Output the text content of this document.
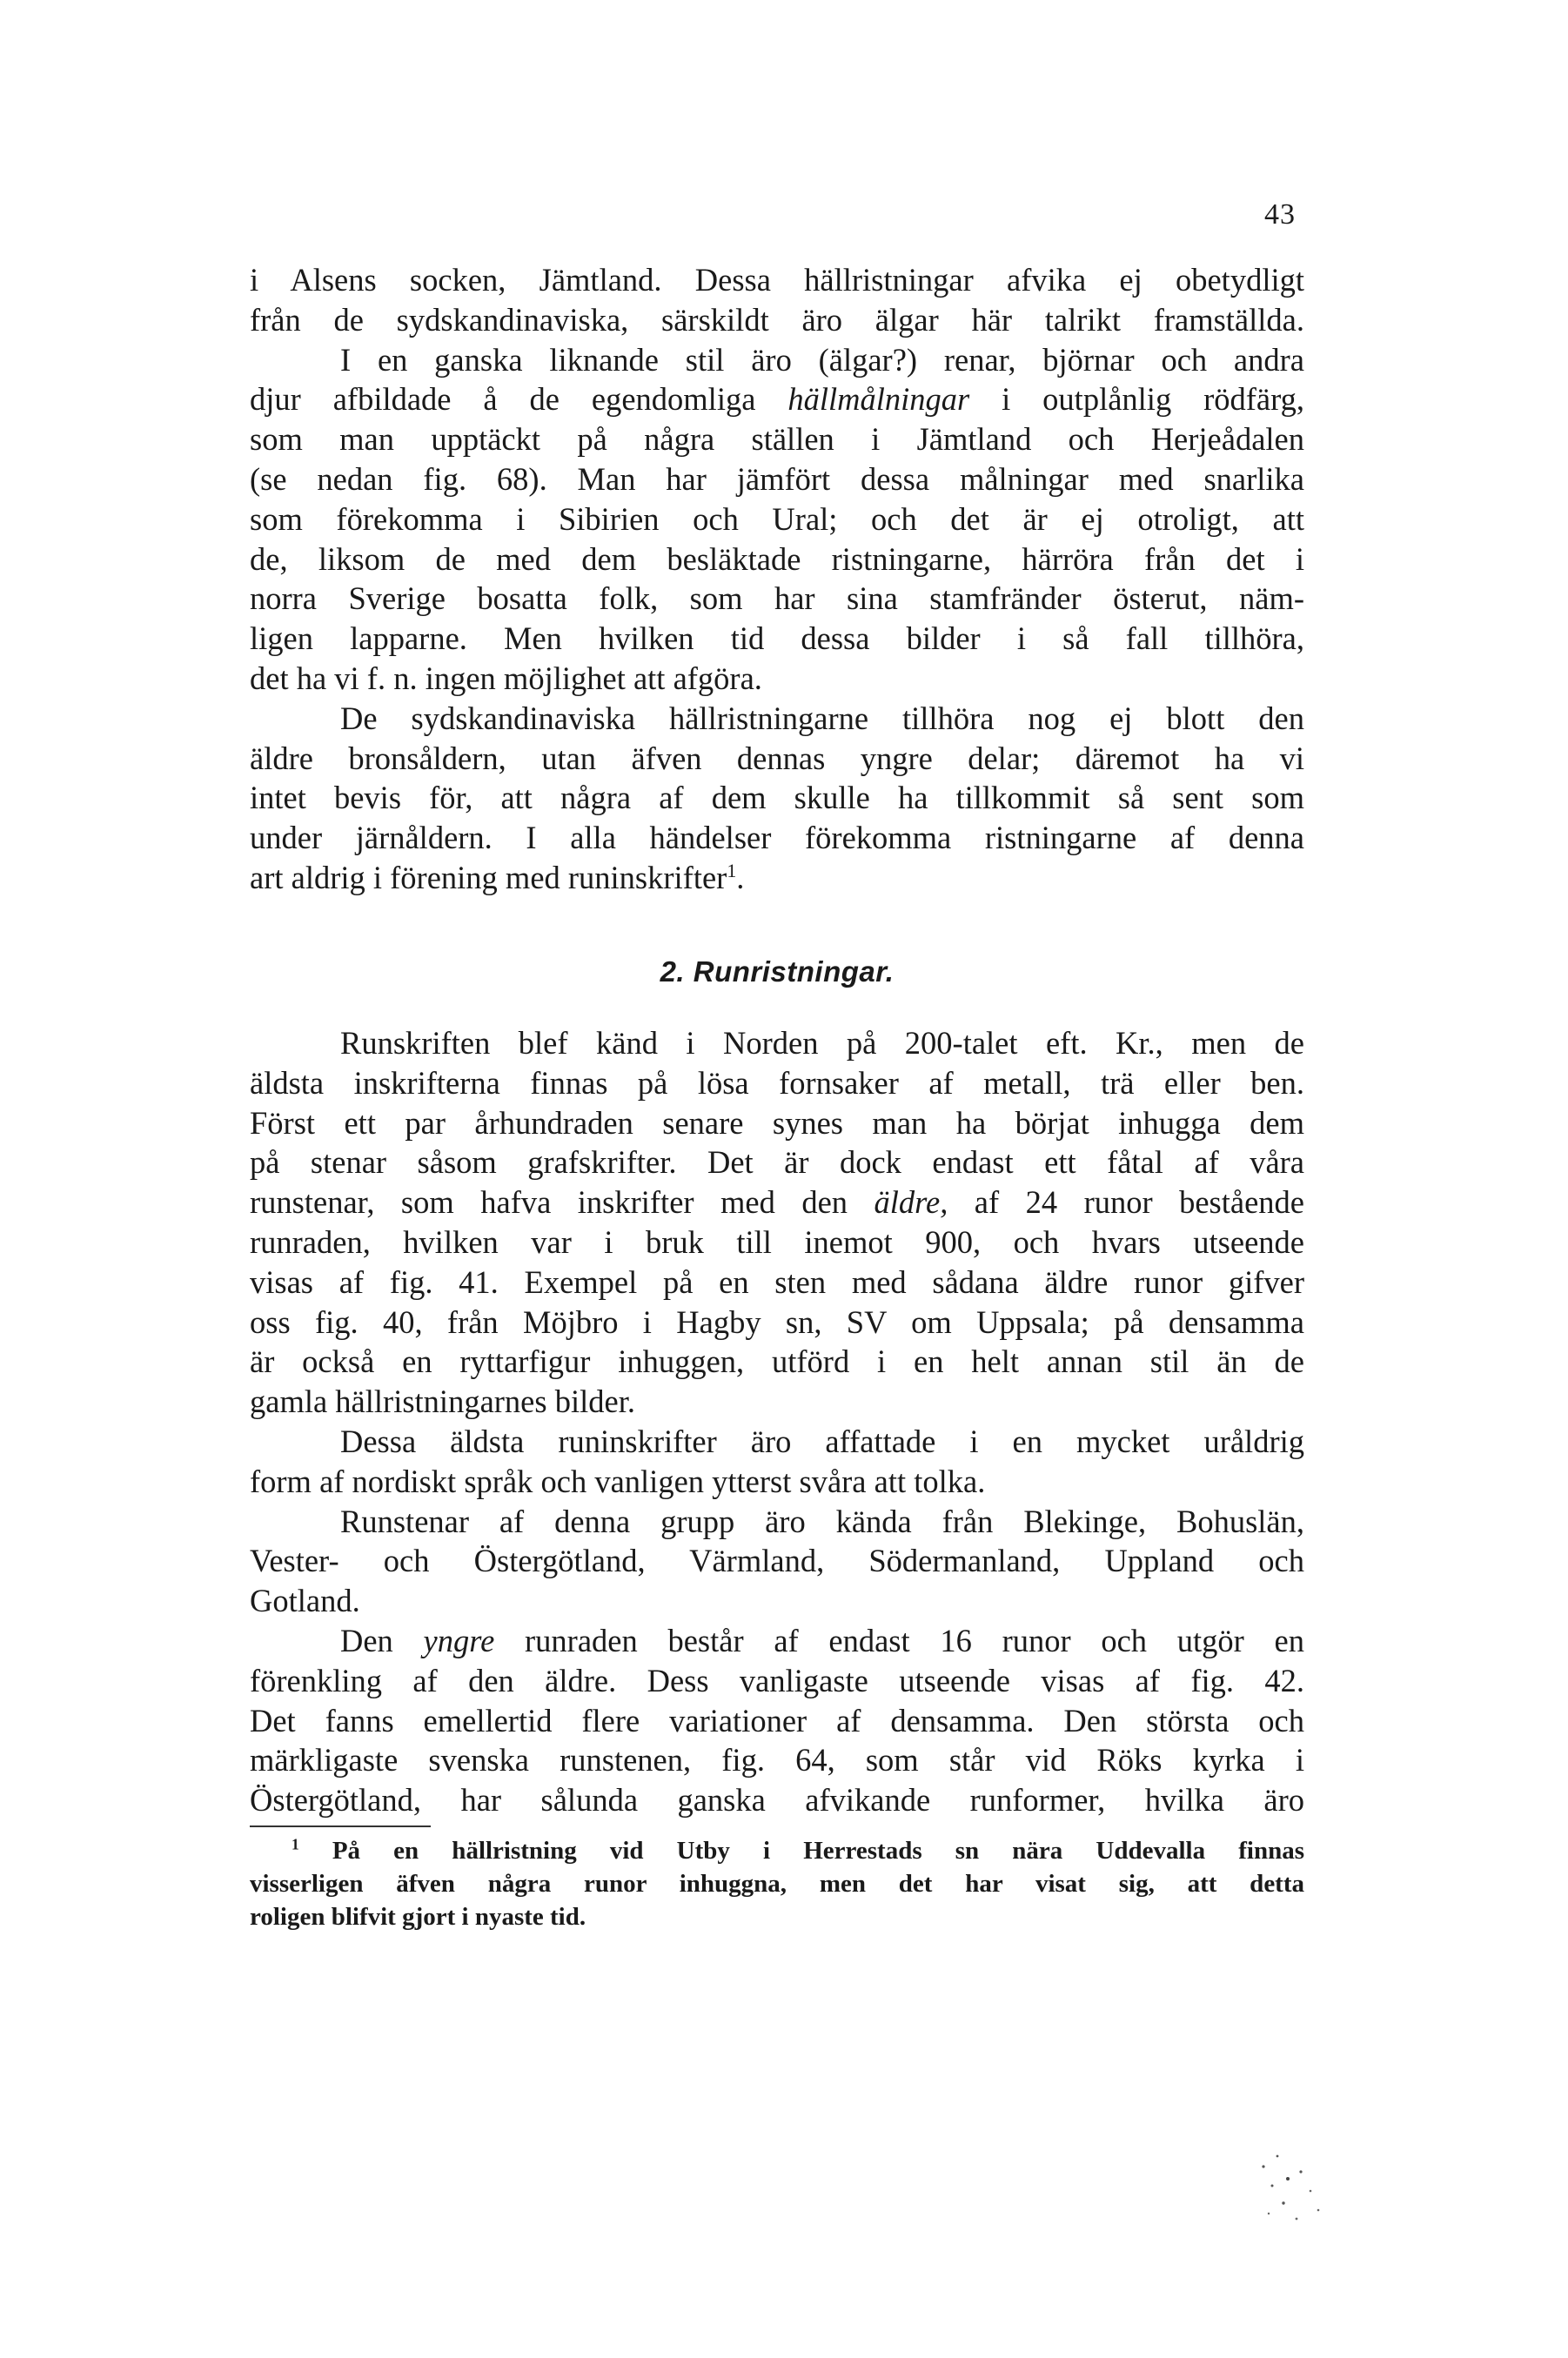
43
i Alsens socken, Jämtland. Dessa hällristningar afvika ej obetydligt
från de sydskandinaviska, särskildt äro älgar här talrikt framställda.
I en ganska liknande stil äro (älgar?) renar, björnar och andra
djur afbildade å de egendomliga hällmålningar i outplånlig rödfärg,
som man upptäckt på några ställen i Jämtland och Herjeådalen
(se nedan fig. 68). Man har jämfört dessa målningar med snarlika
som förekomma i Sibirien och Ural; och det är ej otroligt, att
de, liksom de med dem besläktade ristningarne, härröra från det i
norra Sverige bosatta folk, som har sina stamfränder österut, näm-
ligen lapparne. Men hvilken tid dessa bilder i så fall tillhöra,
det ha vi f. n. ingen möjlighet att afgöra.
De sydskandinaviska hällristningarne tillhöra nog ej blott den
äldre bronsåldern, utan äfven dennas yngre delar; däremot ha vi
intet bevis för, att några af dem skulle ha tillkommit så sent som
under järnåldern. I alla händelser förekomma ristningarne af denna
art aldrig i förening med runinskrifter$^1$.
2. Runristningar.
Runskriften blef känd i Norden på 200-talet eft. Kr., men de
äldsta inskrifterna finnas på lösa fornsaker af metall, trä eller ben.
Först ett par århundraden senare synes man ha börjat inhugga dem
på stenar såsom grafskrifter. Det är dock endast ett fåtal af våra
runstenar, som hafva inskrifter med den äldre, af 24 runor bestående
runraden, hvilken var i bruk till inemot 900, och hvars utseende
visas af fig. 41. Exempel på en sten med sådana äldre runor gifver
oss fig. 40, från Möjbro i Hagby sn, SV om Uppsala; på densamma
är också en ryttarfigur inhuggen, utförd i en helt annan stil än de
gamla hällristningarnes bilder.
Dessa äldsta runinskrifter äro affattade i en mycket uråldrig
form af nordiskt språk och vanligen ytterst svåra att tolka.
Runstenar af denna grupp äro kända från Blekinge, Bohuslän,
Vester- och Östergötland, Värmland, Södermanland, Uppland och
Gotland.
Den yngre runraden består af endast 16 runor och utgör en
förenkling af den äldre. Dess vanligaste utseende visas af fig. 42.
Det fanns emellertid flere variationer af densamma. Den största och
märkligaste svenska runstenen, fig. 64, som står vid Röks kyrka i
Östergötland, har sålunda ganska afvikande runformer, hvilka äro
$^1$ På en hällristning vid Utby i Herrestads sn nära Uddevalla finnas
visserligen äfven några runor inhuggna, men det har visat sig, att detta
roligen blifvit gjort i nyaste tid.
